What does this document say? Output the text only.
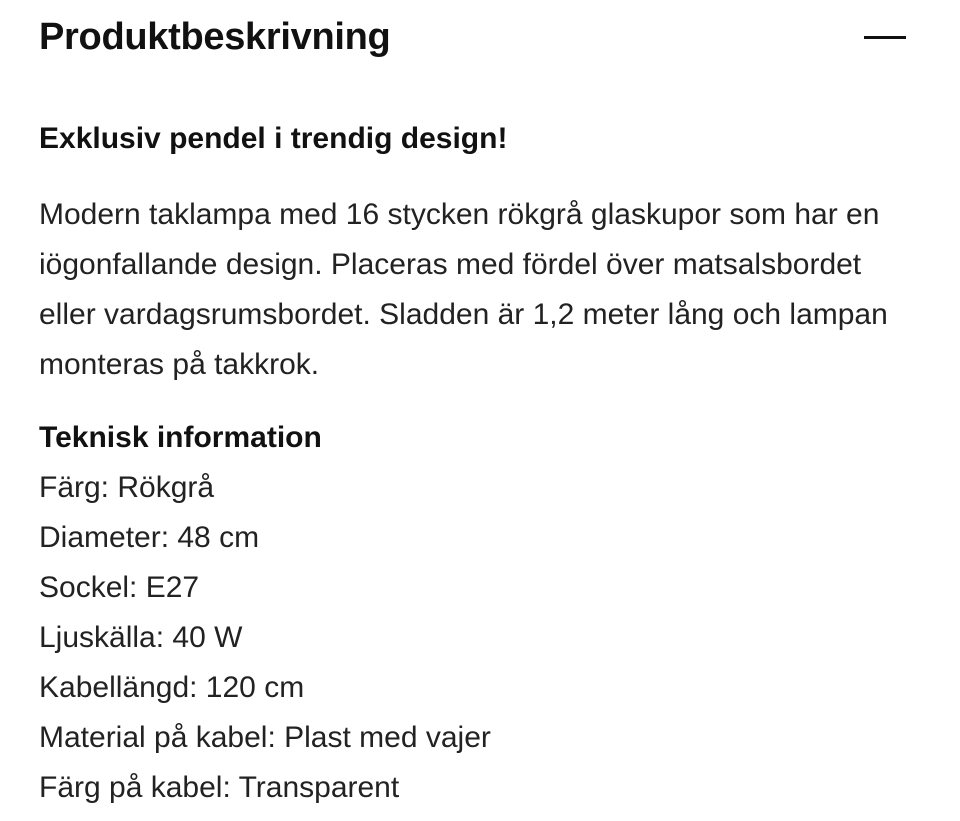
Produktbeskrivning
Exklusiv pendel i trendig design!

Modern taklampa med 16 stycken rökgrå glaskupor som har en iögonfallande design. Placeras med fördel över matsalsbordet eller vardagsrumsbordet. Sladden är 1,2 meter lång och lampan monteras på takkrok.

Teknisk information
Färg: Rökgrå
Diameter: 48 cm
Sockel: E27
Ljuskälla: 40 W
Kabellängd: 120 cm
Material på kabel: Plast med vajer
Färg på kabel: Transparent
